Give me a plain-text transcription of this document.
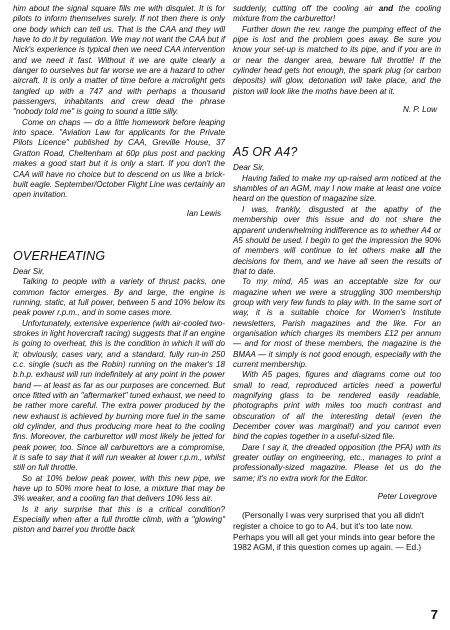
him about the signal square fills me with disquiet. It is for pilots to inform themselves surely. If not then there is only one body which can tell us. That is the CAA and they will have to do it by regulation. We may not want the CAA but if Nick's experience is typical then we need CAA intervention and we need it fast. Without it we are quite clearly a danger to ourselves but far worse we are a hazard to other aircraft. It is only a matter of time before a microlight gets tangled up with a 747 and with perhaps a thousand passengers, inhabitants and crew dead the phrase "nobody told me" is going to sound a little silly.

Come on chaps — do a little homework before leaping into space. "Aviation Law for applicants for the Private Pilots Licence" published by CAA, Greville House, 37 Gratton Road, Cheltenham at 60p plus post and packing makes a good start but it is only a start. If you don't the CAA will have no choice but to descend on us like a brick-built eagle. September/October Flight Line was certainly an open invitation.

Ian Lewis

OVERHEATING

Dear Sir,

Talking to people with a variety of thrust packs, one common factor emerges. By and large, the engine is running, static, at full power, between 5 and 10% below its peak power r.p.m., and in some cases more.

Unfortunately, extensive experience (with air-cooled two-strokes in light hovercraft racing) suggests that if an engine is going to overheat, this is the condition in which it will do it; obviously, cases vary, and a standard, fully run-in 250 c.c. single (such as the Robin) running on the maker's 18 b.h.p. exhaust will run indefinitely at any point in the power band — at least as far as our purposes are concerned. But once fitted with an "aftermarket" tuned exhaust, we need to be rather more careful. The extra power produced by the new exhaust is achieved by burning more fuel in the same old cylinder, and thus producing more heat to the cooling fins. Moreover, the carburettor will most likely be jetted for peak power, too. Since all carburettors are a compromise, it is safe to say that it will run weaker at lower r.p.m., whilst still on full throttle.

So at 10% below peak power, with this new pipe, we have up to 50% more heat to lose, a mixture that may be 3% weaker, and a cooling fan that delivers 10% less air.

Is it any surprise that this is a critical condition? Especially when after a full throttle climb, with a "glowing" piston and barrel you throttle back

suddenly, cutting off the cooling air and the cooling mixture from the carburettor!

Further down the rev. range the pumping effect of the pipe is lost and the problem goes away. Be sure you know your set-up is matched to its pipe, and if you are in or near the danger area, beware full throttle! If the cylinder head gets hot enough, the spark plug (or carbon deposits) will glow, detonation will take place, and the piston will look like the moths have been at it.

N. P. Low

A5 OR A4?

Dear Sir,

Having failed to make my up-raised arm noticed at the shambles of an AGM, may I now make at least one voice heard on the question of magazine size.

I was, frankly, disgusted at the apathy of the membership over this issue and do not share the apparent underwhelming indifference as to whether A4 or A5 should be used. I begin to get the impression the 90% of members will continue to let others make all the decisions for them, and we have all seen the results of that to date.

To my mind, A5 was an acceptable size for our magazine when we were a struggling 300 membership group with very few funds to play with. In the same sort of way, it is a suitable choice for Women's Institute newsletters, Parish magazines and the like. For an organisation which charges its members £12 per annum — and for most of these members, the magazine is the BMAA — it simply is not good enough, especially with the current membership.

With A5 pages, figures and diagrams come out too small to read, reproduced articles need a powerful magnifying glass to be rendered easily readable, photographs print with miles too much contrast and obscuration of all the interesting detail (even the December cover was marginal!) and you cannot even bind the copies together in a useful-sized file.

Dare I say it, the dreaded opposition (the PFA) with its greater outlay on engineering, etc., manages to print a professionally-sized magazine. Please let us do the same; it's no extra work for the Editor.

Peter Lovegrove

(Personally I was very surprised that you all didn't register a choice to go to A4, but it's too late now. Perhaps you will all get your minds into gear before the 1982 AGM, if this question comes up again. — Ed.)

7
